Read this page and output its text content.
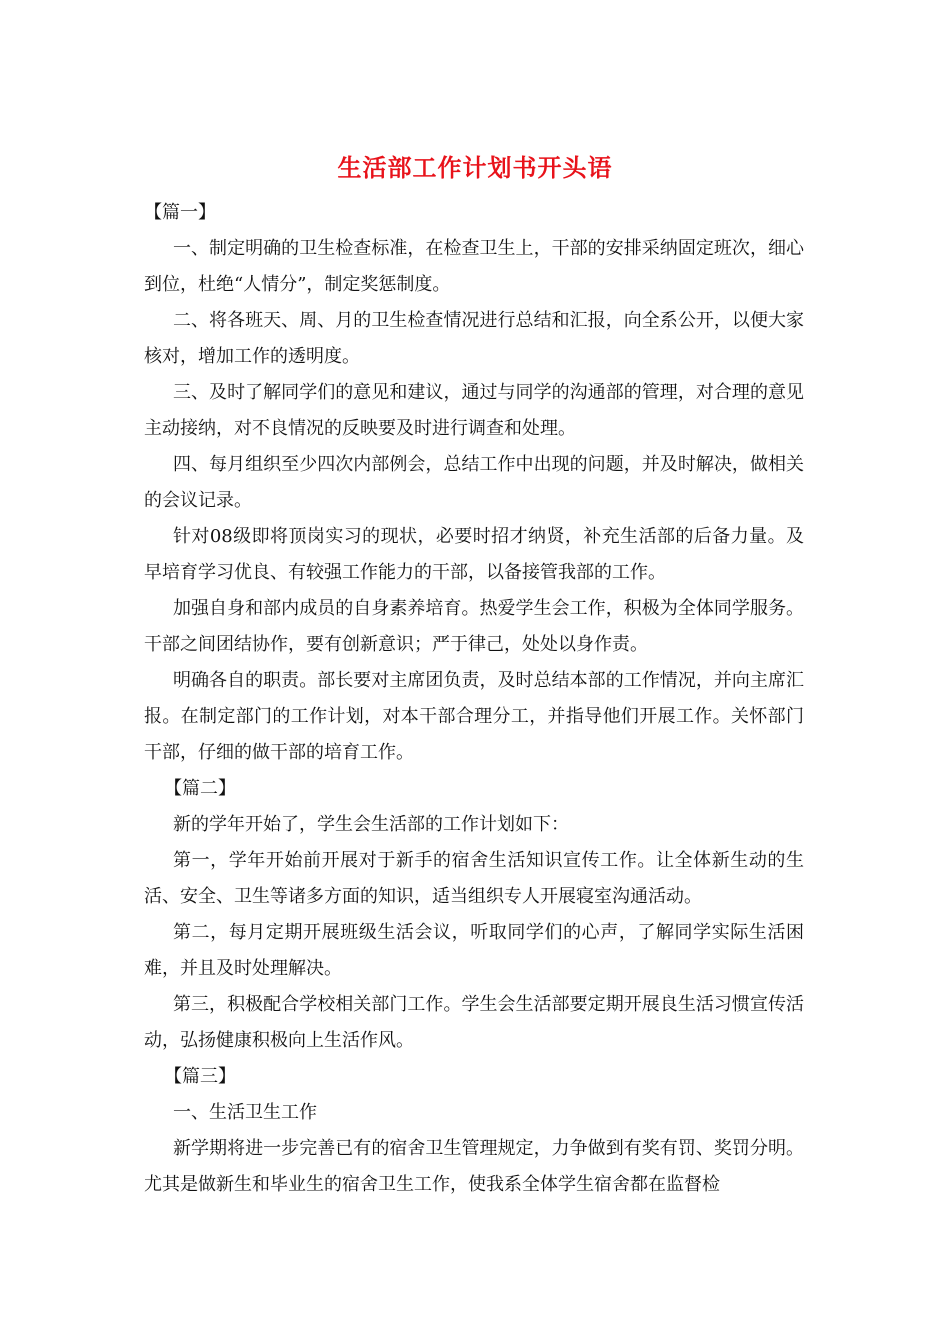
生活部工作计划书开头语

【篇一】

一、制定明确的卫生检查标准，在检查卫生上，干部的安排采纳固定班次，细心到位，杜绝“人情分”，制定奖惩制度。

二、将各班天、周、月的卫生检查情况进行总结和汇报，向全系公开，以便大家核对，增加工作的透明度。

三、及时了解同学们的意见和建议，通过与同学的沟通部的管理，对合理的意见主动接纳，对不良情况的反映要及时进行调查和处理。

四、每月组织至少四次内部例会，总结工作中出现的问题，并及时解决，做相关的会议记录。

针对08级即将顶岗实习的现状，必要时招才纳贤，补充生活部的后备力量。及早培育学习优良、有较强工作能力的干部，以备接管我部的工作。

加强自身和部内成员的自身素养培育。热爱学生会工作，积极为全体同学服务。干部之间团结协作，要有创新意识；严于律己，处处以身作责。

明确各自的职责。部长要对主席团负责，及时总结本部的工作情况，并向主席汇报。在制定部门的工作计划，对本干部合理分工，并指导他们开展工作。关怀部门干部，仔细的做干部的培育工作。

【篇二】

新的学年开始了，学生会生活部的工作计划如下：

第一，学年开始前开展对于新手的宿舍生活知识宣传工作。让全体新生动的生活、安全、卫生等诸多方面的知识，适当组织专人开展寝室沟通活动。

第二，每月定期开展班级生活会议，听取同学们的心声，了解同学实际生活困难，并且及时处理解决。

第三，积极配合学校相关部门工作。学生会生活部要定期开展良生活习惯宣传活动，弘扬健康积极向上生活作风。

【篇三】

一、生活卫生工作

新学期将进一步完善已有的宿舍卫生管理规定，力争做到有奖有罚、奖罚分明。尤其是做新生和毕业生的宿舍卫生工作，使我系全体学生宿舍都在监督检
